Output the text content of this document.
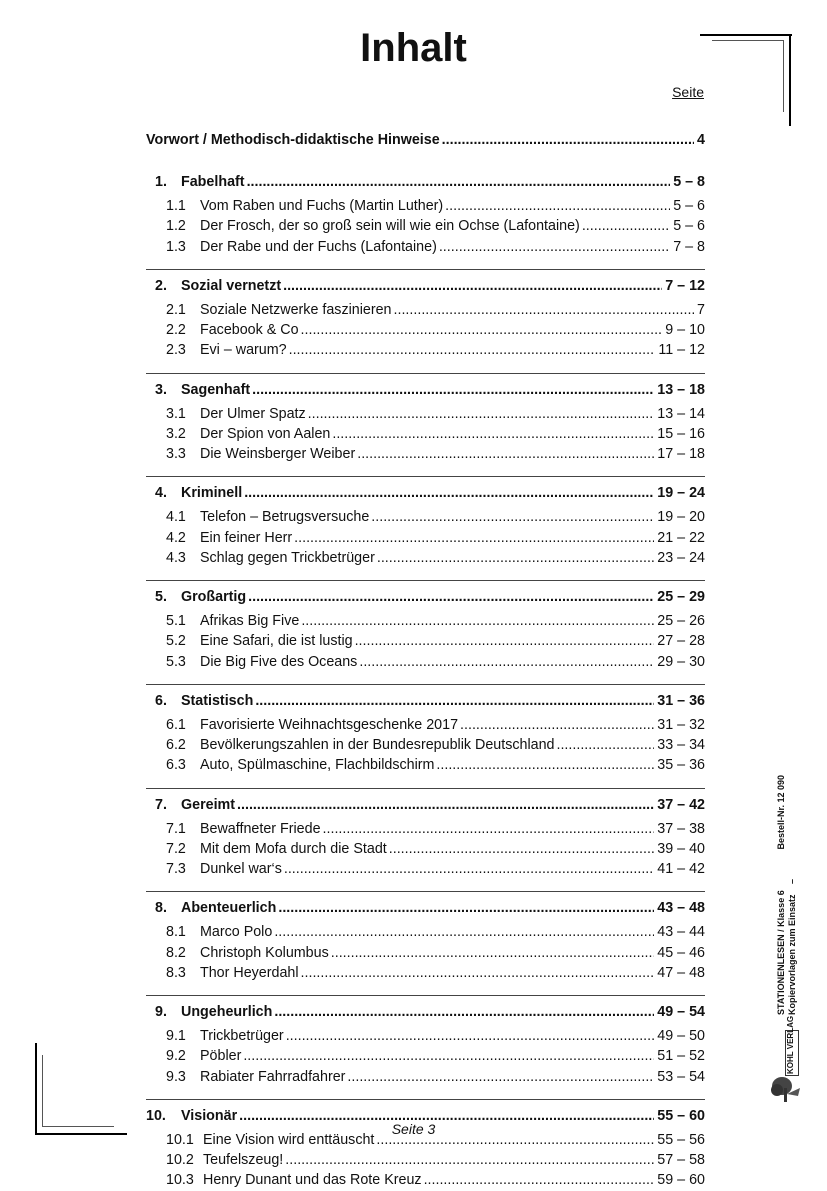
Inhalt
Seite
Vorwort / Methodisch-didaktische Hinweise .....	4
1. Fabelhaft .....	5 – 8
1.1 Vom Raben und Fuchs (Martin Luther) .....	5 – 6
1.2 Der Frosch, der so groß sein will wie ein Ochse (Lafontaine) .....	5 – 6
1.3 Der Rabe und der Fuchs (Lafontaine) .....	7 – 8
2. Sozial vernetzt .....	7 – 12
2.1 Soziale Netzwerke faszinieren .....	7
2.2 Facebook & Co .....	9 – 10
2.3 Evi – warum? .....	11 – 12
3. Sagenhaft .....	13 – 18
3.1 Der Ulmer Spatz .....	13 – 14
3.2 Der Spion von Aalen .....	15 – 16
3.3 Die Weinsberger Weiber .....	17 – 18
4. Kriminell .....	19 – 24
4.1 Telefon – Betrugsversuche .....	19 – 20
4.2 Ein feiner Herr .....	21 – 22
4.3 Schlag gegen Trickbetrüger .....	23 – 24
5. Großartig .....	25 – 29
5.1 Afrikas Big Five .....	25 – 26
5.2 Eine Safari, die ist lustig .....	27 – 28
5.3 Die Big Five des Oceans .....	29 – 30
6. Statistisch .....	31 – 36
6.1 Favorisierte Weihnachtsgeschenke 2017 .....	31 – 32
6.2 Bevölkerungszahlen in der Bundesrepublik Deutschland .....	33 – 34
6.3 Auto, Spülmaschine, Flachbildschirm .....	35 – 36
7. Gereimt .....	37 – 42
7.1 Bewaffneter Friede .....	37 – 38
7.2 Mit dem Mofa durch die Stadt .....	39 – 40
7.3 Dunkel war‘s .....	41 – 42
8. Abenteuerlich .....	43 – 48
8.1 Marco Polo .....	43 – 44
8.2 Christoph Kolumbus .....	45 – 46
8.3 Thor Heyerdahl .....	47 – 48
9. Ungeheurlich .....	49 – 54
9.1 Trickbetrüger .....	49 – 50
9.2 Pöbler .....	51 – 52
9.3 Rabiater Fahrradfahrer .....	53 – 54
10.	Visionär .....	55 – 60
10.1 Eine Vision wird enttäuscht .....	55 – 56
10.2 Teufelszeug! .....	57 – 58
10.3 Henry Dunant und das Rote Kreuz .....	59 – 60
STATIONENLESEN / Klasse 6
Bestell-Nr. 12 090
Kopiervorlagen zum Einsatz –
KOHL VERLAG
Seite 3
